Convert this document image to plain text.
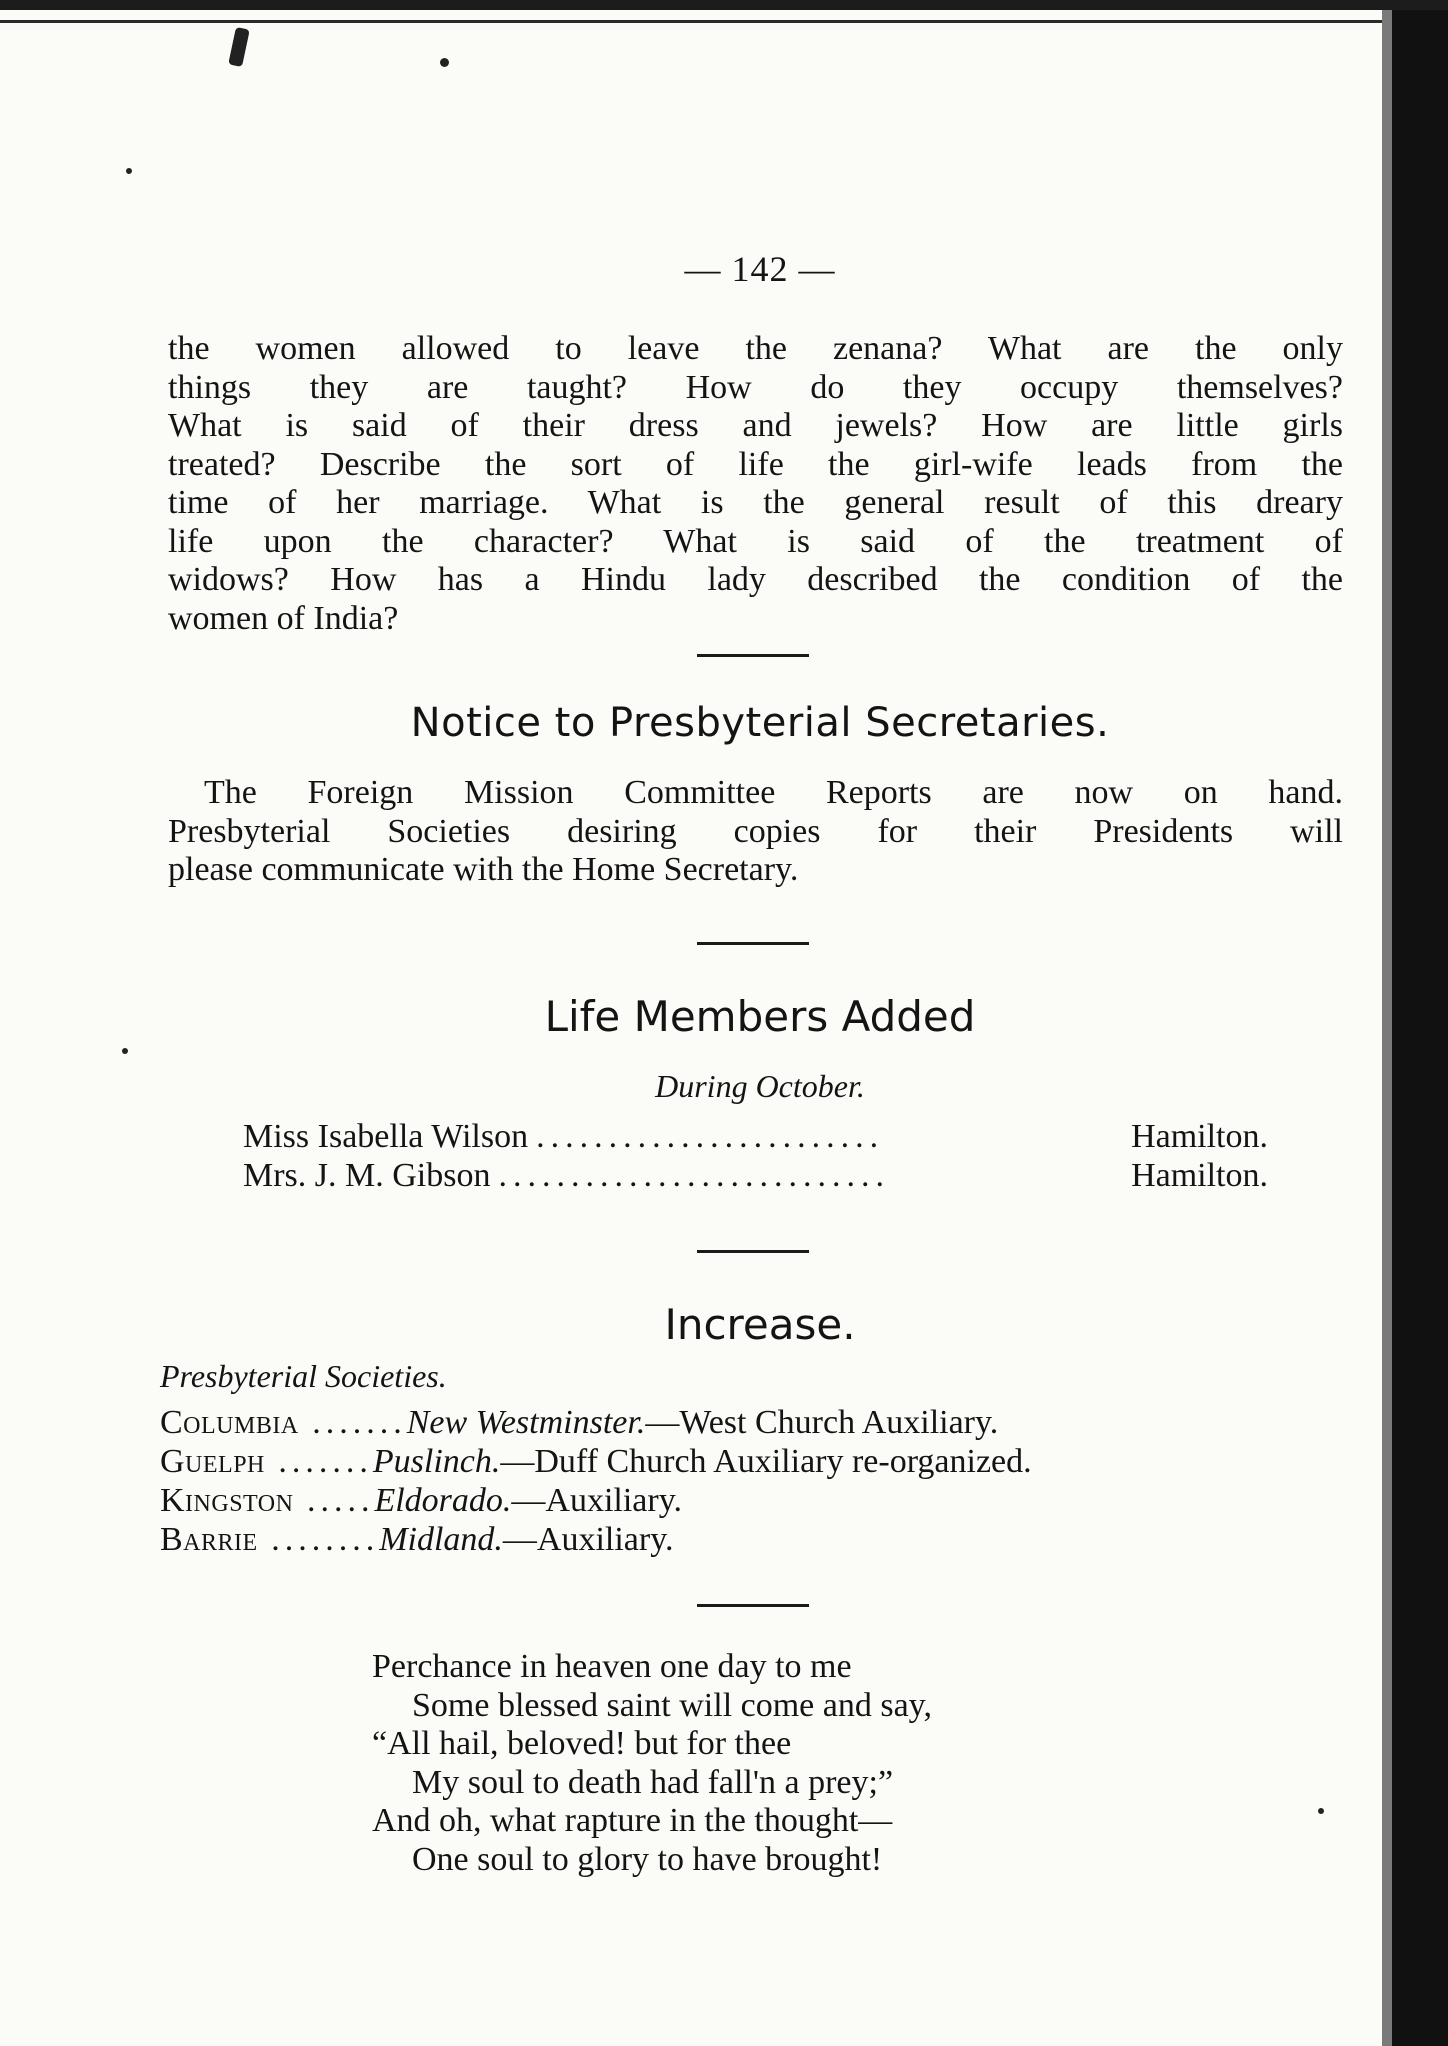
— 142 —
the women allowed to leave the zenana? What are the only
things they are taught? How do they occupy themselves?
What is said of their dress and jewels? How are little girls
treated? Describe the sort of life the girl-wife leads from the
time of her marriage. What is the general result of this dreary
life upon the character? What is said of the treatment of
widows? How has a Hindu lady described the condition of the
women of India?
Notice to Presbyterial Secretaries.
The Foreign Mission Committee Reports are now on hand.
Presbyterial Societies desiring copies for their Presidents will
please communicate with the Home Secretary.
Life Members Added
During October.
Miss Isabella Wilson ........................	Hamilton.
Mrs. J. M. Gibson ...........................	Hamilton.
Increase.
Presbyterial Societies.
Columbia .......New Westminster.—West Church Auxiliary.
Guelph .......Puslinch.—Duff Church Auxiliary re-organized.
Kingston .....Eldorado.—Auxiliary.
Barrie ........Midland.—Auxiliary.
Perchance in heaven one day to me
Some blessed saint will come and say,
“All hail, beloved! but for thee
My soul to death had fall'n a prey;”
And oh, what rapture in the thought—
One soul to glory to have brought!
